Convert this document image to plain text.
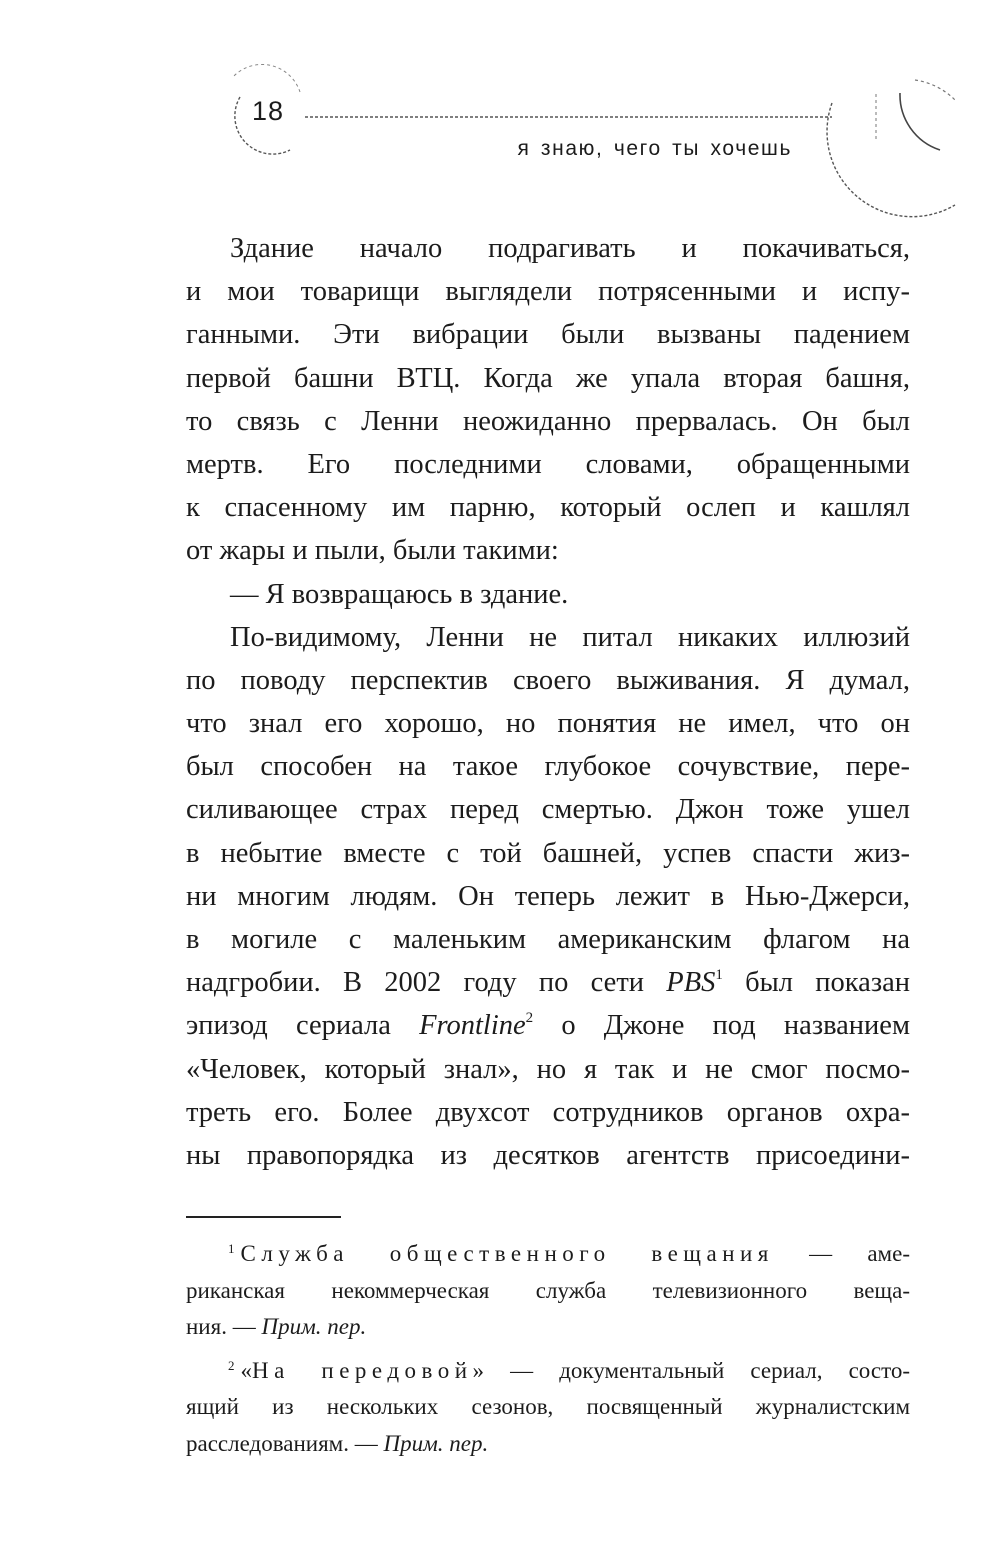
18
я знаю, чего ты хочешь
Здание начало подрагивать и покачиваться,
и мои товарищи выглядели потрясенными и испу-
ганными. Эти вибрации были вызваны падением
первой башни ВТЦ. Когда же упала вторая башня,
то связь с Ленни неожиданно прервалась. Он был
мертв. Его последними словами, обращенными
к спасенному им парню, который ослеп и кашлял
от жары и пыли, были такими:
— Я возвращаюсь в здание.
По-видимому, Ленни не питал никаких иллюзий
по поводу перспектив своего выживания. Я думал,
что знал его хорошо, но понятия не имел, что он
был способен на такое глубокое сочувствие, пере-
силивающее страх перед смертью. Джон тоже ушел
в небытие вместе с той башней, успев спасти жиз-
ни многим людям. Он теперь лежит в Нью-Джерси,
в могиле с маленьким американским флагом на
надгробии. В 2002 году по сети PBS$^1$ был показан
эпизод сериала Frontline$^2$ о Джоне под названием
«Человек, который знал», но я так и не смог посмо-
треть его. Более двухсот сотрудников органов охра-
ны правопорядка из десятков агентств присоедини-
$^1$ Служба общественного вещания — аме-
риканская некоммерческая служба телевизионного веща-
ния. — Прим. пер.
$^2$ «На передовой» — документальный сериал, состо-
ящий из нескольких сезонов, посвященный журналистским
расследованиям. — Прим. пер.
